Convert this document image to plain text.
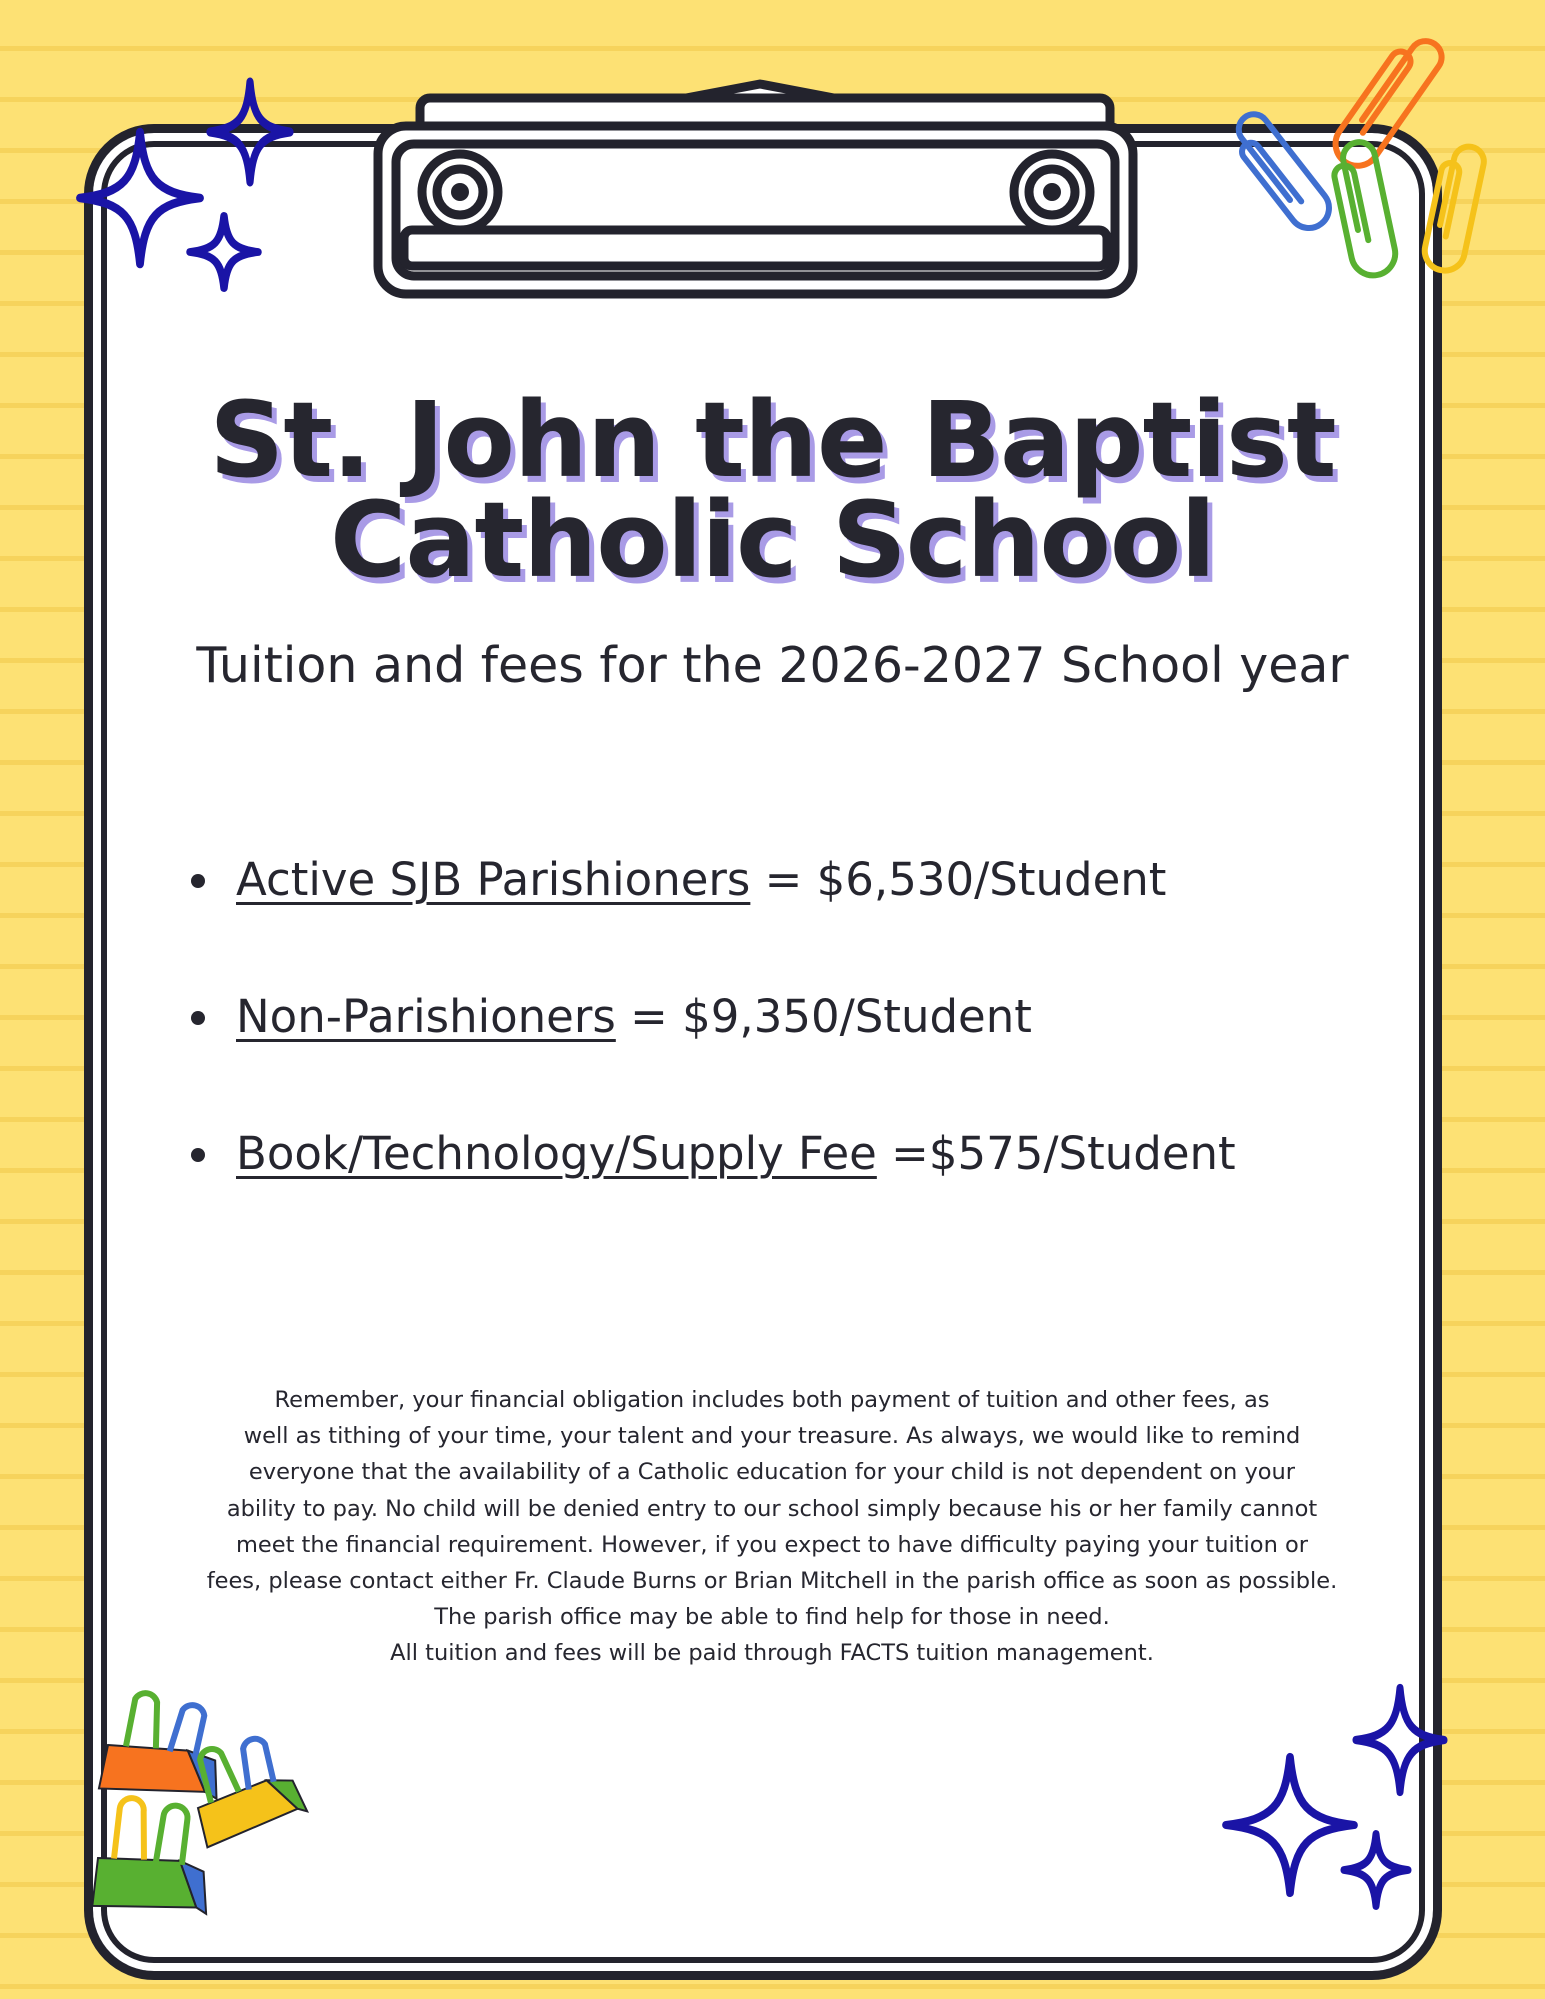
St. John the Baptist
Catholic School
Tuition and fees for the 2026-2027 School year
Active SJB Parishioners = $6,530/Student
Non-Parishioners = $9,350/Student
Book/Technology/Supply Fee =$575/Student

Remember, your financial obligation includes both payment of tuition and other fees, as
well as tithing of your time, your talent and your treasure. As always, we would like to remind
everyone that the availability of a Catholic education for your child is not dependent on your
ability to pay. No child will be denied entry to our school simply because his or her family cannot
meet the financial requirement. However, if you expect to have difficulty paying your tuition or
fees, please contact either Fr. Claude Burns or Brian Mitchell in the parish office as soon as possible.
The parish office may be able to find help for those in need.
All tuition and fees will be paid through FACTS tuition management.
